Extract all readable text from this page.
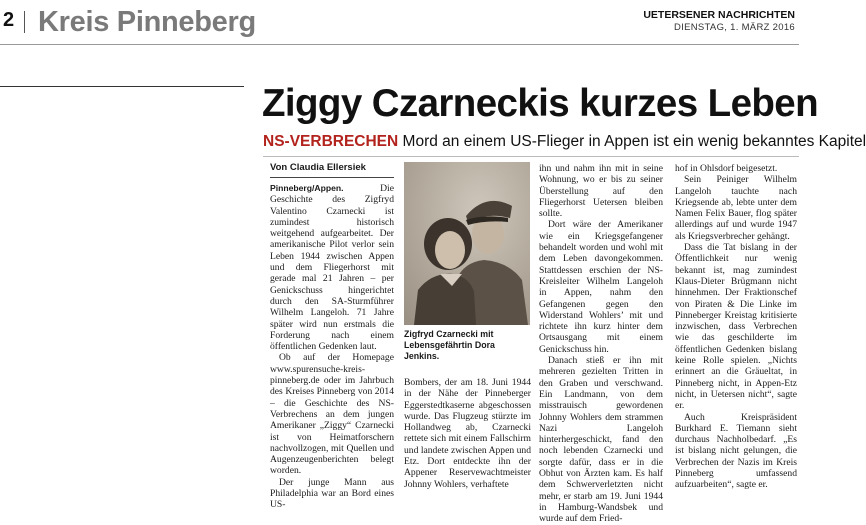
2 Kreis Pinneberg	UETERSENER NACHRICHTEN
DIENSTAG, 1. MÄRZ 2016
Ziggy Czarneckis kurzes Leben
NS-VERBRECHEN Mord an einem US-Flieger in Appen ist ein wenig bekanntes Kapitel
Von Claudia Ellersiek

Pinneberg/Appen. Die Geschichte des Zigfryd Valentino Czarnecki ist zumindest historisch weitgehend aufgearbeitet. Der amerikanische Pilot verlor sein Leben 1944 zwischen Appen und dem Fliegerhorst mit gerade mal 21 Jahren – per Genickschuss hingerichtet durch den SA-Sturmführer Wilhelm Langeloh. 71 Jahre später wird nun erstmals die Forderung nach einem öffentlichen Gedenken laut.

Ob auf der Homepage www.spurensuche-kreis-pinneberg.de oder im Jahrbuch des Kreises Pinneberg von 2014 – die Geschichte des NS-Verbrechens an dem jungen Amerikaner „Ziggy“ Czarnecki ist von Heimatforschern nachvollzogen, mit Quellen und Augenzeugenberichten belegt worden.

Der junge Mann aus Philadelphia war an Bord eines US-

Zigfryd Czarnecki mit Lebensgefährtin Dora Jenkins.

Bombers, der am 18. Juni 1944 in der Nähe der Pinneberger Eggerstedtkaserne abgeschossen wurde. Das Flugzeug stürzte im Hollandweg ab, Czarnecki rettete sich mit einem Fallschirm und landete zwischen Appen und Etz. Dort entdeckte ihn der Appener Reservewachtmeister Johnny Wohlers, verhaftete

ihn und nahm ihn mit in seine Wohnung, wo er bis zu seiner Überstellung auf den Fliegerhorst Uetersen bleiben sollte.

Dort wäre der Amerikaner wie ein Kriegsgefangener behandelt worden und wohl mit dem Leben davongekommen. Stattdessen erschien der NS-Kreisleiter Wilhelm Langeloh in Appen, nahm den Gefangenen gegen den Widerstand Wohlers’ mit und richtete ihn kurz hinter dem Ortsausgang mit einem Genickschuss hin.

Danach stieß er ihn mit mehreren gezielten Tritten in den Graben und verschwand. Ein Landmann, von dem misstrauisch gewordenen Johnny Wohlers dem strammen Nazi Langeloh hinterhergeschickt, fand den noch lebenden Czarnecki und sorgte dafür, dass er in die Obhut von Ärzten kam. Es half dem Schwerverletzten nicht mehr, er starb am 19. Juni 1944 in Hamburg-Wandsbek und wurde auf dem Fried-

hof in Ohlsdorf beigesetzt.

Sein Peiniger Wilhelm Langeloh tauchte nach Kriegsende ab, lebte unter dem Namen Felix Bauer, flog später allerdings auf und wurde 1947 als Kriegsverbrecher gehängt.

Dass die Tat bislang in der Öffentlichkeit nur wenig bekannt ist, mag zumindest Klaus-Dieter Brügmann nicht hinnehmen. Der Fraktionschef von Piraten & Die Linke im Pinneberger Kreistag kritisierte inzwischen, dass Verbrechen wie das geschilderte im öffentlichen Gedenken bislang keine Rolle spielen. „Nichts erinnert an die Gräueltat, in Pinneberg nicht, in Appen-Etz nicht, in Uetersen nicht“, sagte er.

Auch Kreispräsident Burkhard E. Tiemann sieht durchaus Nachholbedarf. „Es ist bislang nicht gelungen, die Verbrechen der Nazis im Kreis Pinneberg umfassend aufzuarbeiten“, sagte er.
